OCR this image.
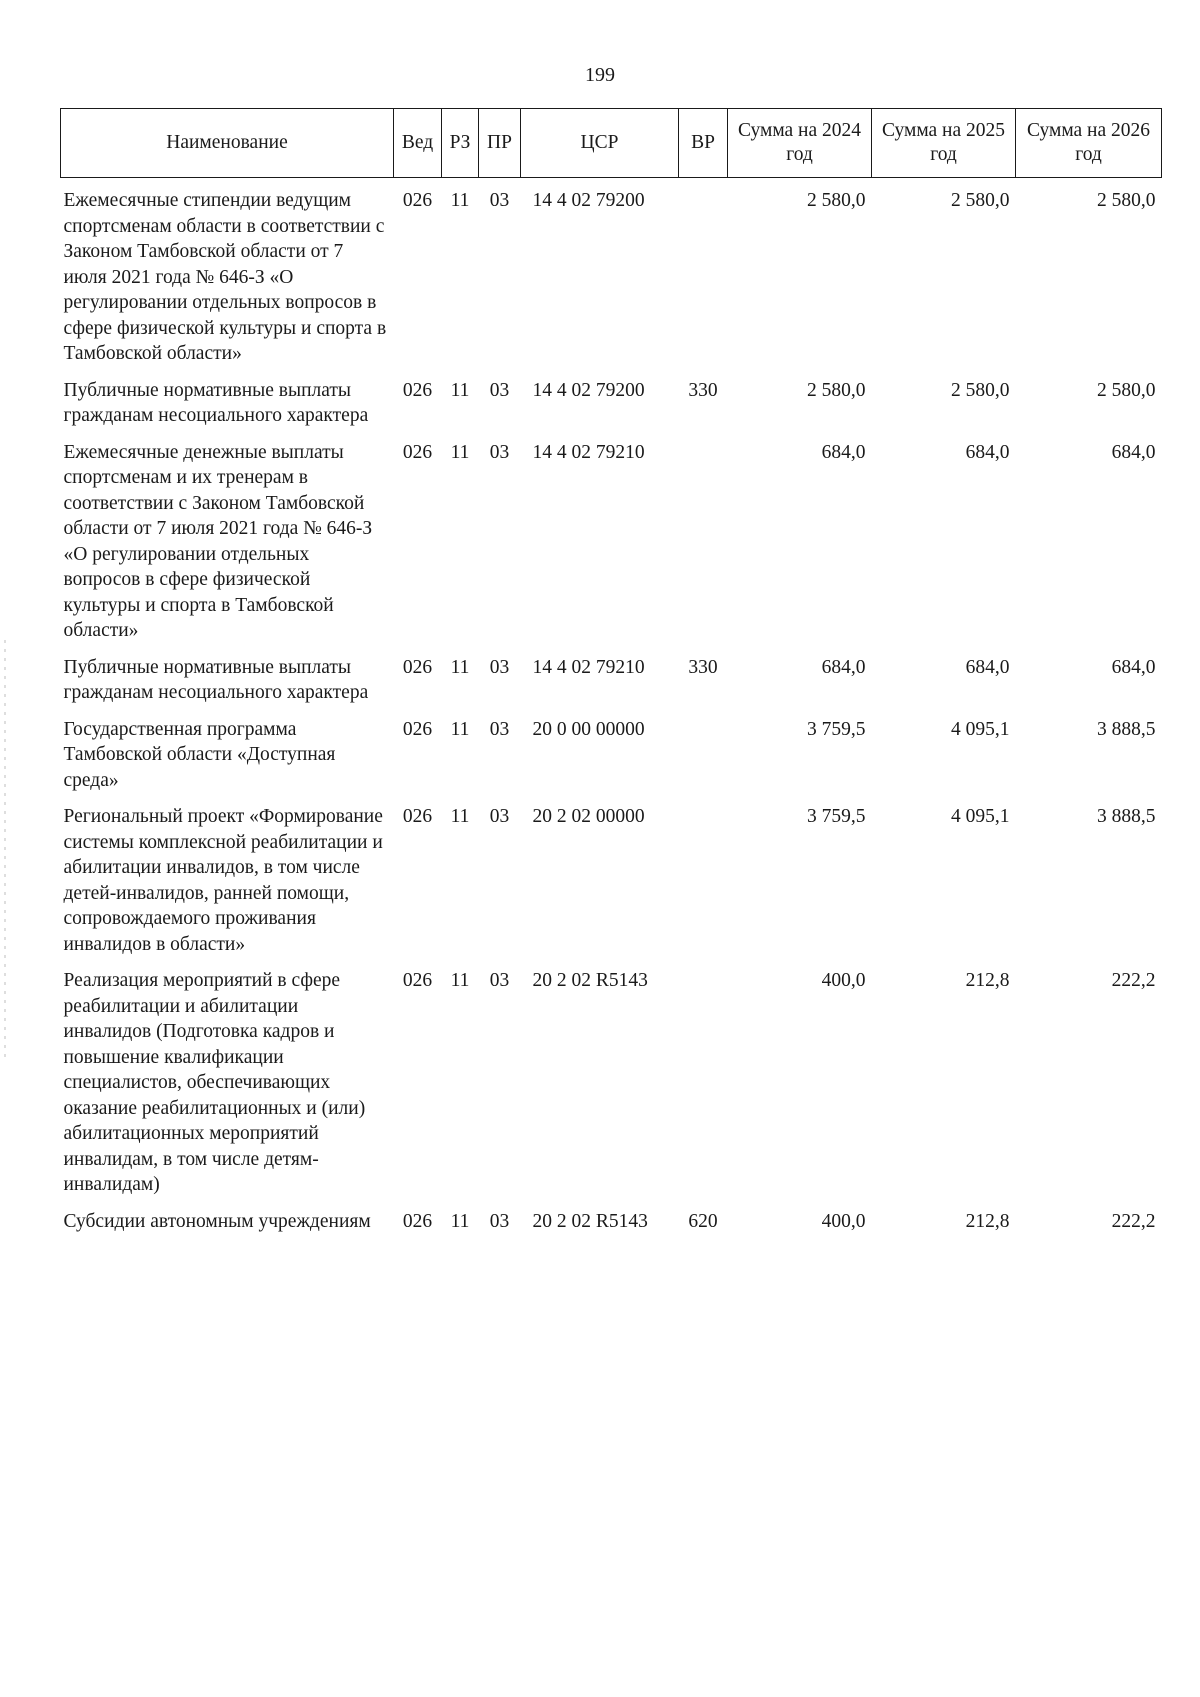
199
Наименование	Вед	РЗ	ПР	ЦСР	ВР	Сумма на 2024 год	Сумма на 2025 год	Сумма на 2026 год
Ежемесячные стипендии ведущим спортсменам области в соответствии с Законом Тамбовской области от 7 июля 2021 года № 646-З «О регулировании отдельных вопросов в сфере физической культуры и спорта в Тамбовской области»	026	11	03	14 4 02 79200		2 580,0	2 580,0	2 580,0
Публичные нормативные выплаты гражданам несоциального характера	026	11	03	14 4 02 79200	330	2 580,0	2 580,0	2 580,0
Ежемесячные денежные выплаты спортсменам и их тренерам в соответствии с Законом Тамбовской области от 7 июля 2021 года № 646-З «О регулировании отдельных вопросов в сфере физической культуры и спорта в Тамбовской области»	026	11	03	14 4 02 79210		684,0	684,0	684,0
Публичные нормативные выплаты гражданам несоциального характера	026	11	03	14 4 02 79210	330	684,0	684,0	684,0
Государственная программа Тамбовской области «Доступная среда»	026	11	03	20 0 00 00000		3 759,5	4 095,1	3 888,5
Региональный проект «Формирование системы комплексной реабилитации и абилитации инвалидов, в том числе детей-инвалидов, ранней помощи, сопровождаемого проживания инвалидов в области»	026	11	03	20 2 02 00000		3 759,5	4 095,1	3 888,5
Реализация мероприятий в сфере реабилитации и абилитации инвалидов (Подготовка кадров и повышение квалификации специалистов, обеспечивающих оказание реабилитационных и (или) абилитационных мероприятий инвалидам, в том числе детям-инвалидам)	026	11	03	20 2 02 R5143		400,0	212,8	222,2
Субсидии автономным учреждениям	026	11	03	20 2 02 R5143	620	400,0	212,8	222,2
